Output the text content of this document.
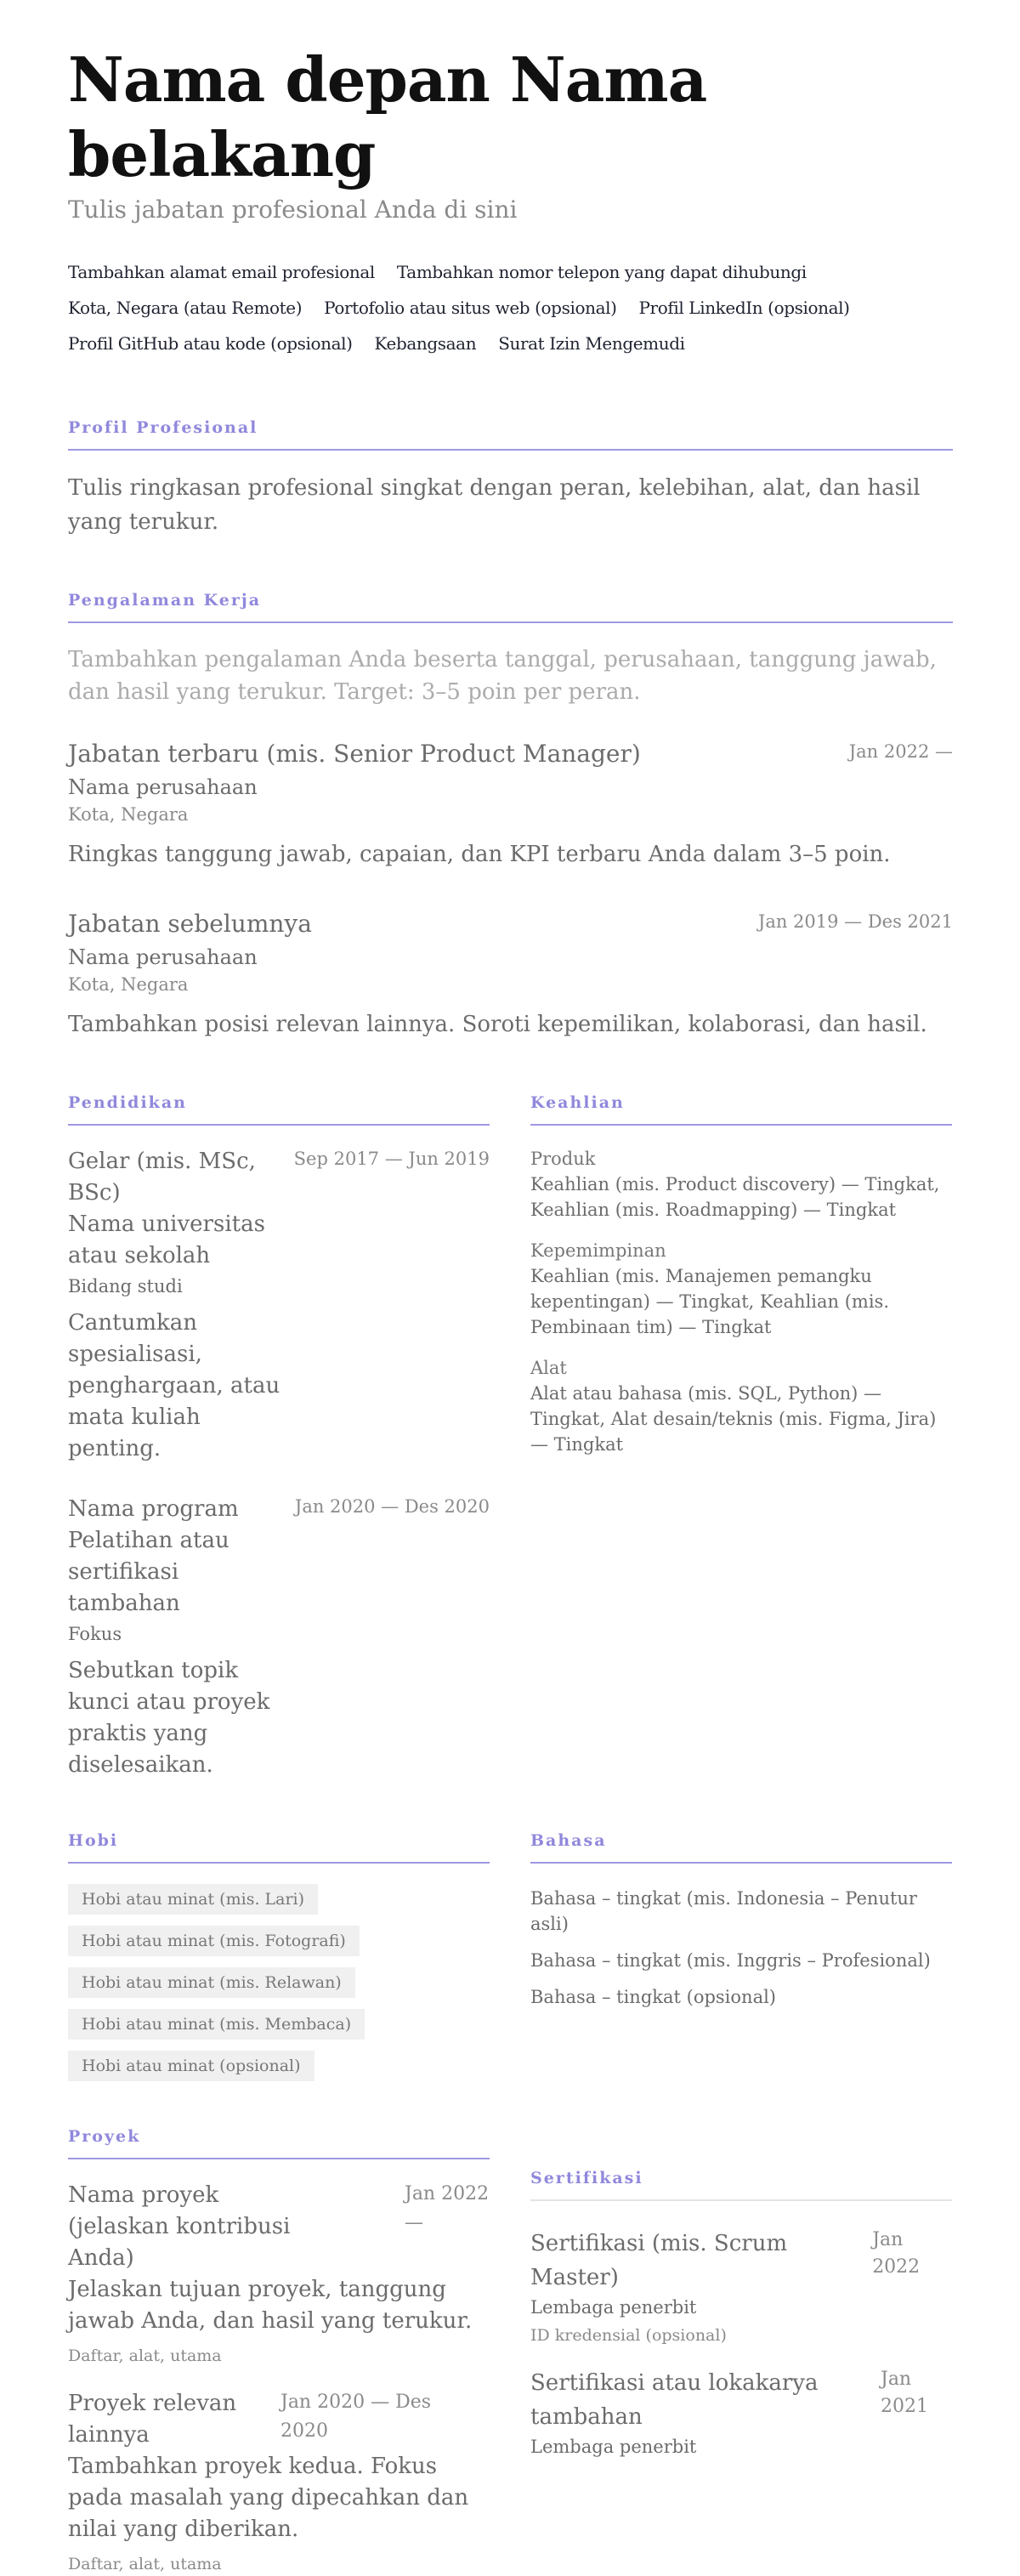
Nama depan Nama belakang
Tulis jabatan profesional Anda di sini
Tambahkan alamat email profesional Tambahkan nomor telepon yang dapat dihubungi
Kota, Negara (atau Remote) Portofolio atau situs web (opsional) Profil LinkedIn (opsional)
Profil GitHub atau kode (opsional) Kebangsaan Surat Izin Mengemudi
Profil Profesional

Tulis ringkasan profesional singkat dengan peran, kelebihan, alat, dan hasil yang terukur.

Pengalaman Kerja

Tambahkan pengalaman Anda beserta tanggal, perusahaan, tanggung jawab, dan hasil yang terukur. Target: 3–5 poin per peran.

Jabatan terbaru (mis. Senior Product Manager)	Jan 2022 —
Nama perusahaan
Kota, Negara
Ringkas tanggung jawab, capaian, dan KPI terbaru Anda dalam 3–5 poin.
Jabatan sebelumnya	Jan 2019 — Des 2021
Nama perusahaan
Kota, Negara
Tambahkan posisi relevan lainnya. Soroti kepemilikan, kolaborasi, dan hasil.
Pendidikan
Gelar (mis. MSc, BSc)
Nama universitas atau sekolah
Bidang studi
Cantumkan spesialisasi, penghargaan, atau mata kuliah penting.
Sep 2017 — Jun 2019
Nama program
Pelatihan atau sertifikasi tambahan
Fokus
Sebutkan topik kunci atau proyek praktis yang diselesaikan.
Jan 2020 — Des 2020
Keahlian
Produk
Keahlian (mis. Product discovery) — Tingkat, Keahlian (mis. Roadmapping) — Tingkat
Kepemimpinan
Keahlian (mis. Manajemen pemangku kepentingan) — Tingkat, Keahlian (mis. Pembinaan tim) — Tingkat
Alat
Alat atau bahasa (mis. SQL, Python) — Tingkat, Alat desain/teknis (mis. Figma, Jira) — Tingkat
Hobi
Hobi atau minat (mis. Lari)
Hobi atau minat (mis. Fotografi)
Hobi atau minat (mis. Relawan)
Hobi atau minat (mis. Membaca)
Hobi atau minat (opsional)
Bahasa
Bahasa – tingkat (mis. Indonesia – Penutur asli)
Bahasa – tingkat (mis. Inggris – Profesional)
Bahasa – tingkat (opsional)
Proyek
Nama proyek (jelaskan kontribusi Anda)
Jan 2022 —
Jelaskan tujuan proyek, tanggung jawab Anda, dan hasil yang terukur.
Daftar, alat, utama
Proyek relevan lainnya
Jan 2020 — Des 2020
Tambahkan proyek kedua. Fokus pada masalah yang dipecahkan dan nilai yang diberikan.
Daftar, alat, utama
Sertifikasi
Sertifikasi (mis. Scrum Master)
Lembaga penerbit
ID kredensial (opsional)
Jan 2022
Sertifikasi atau lokakarya tambahan
Lembaga penerbit
Jan 2021
